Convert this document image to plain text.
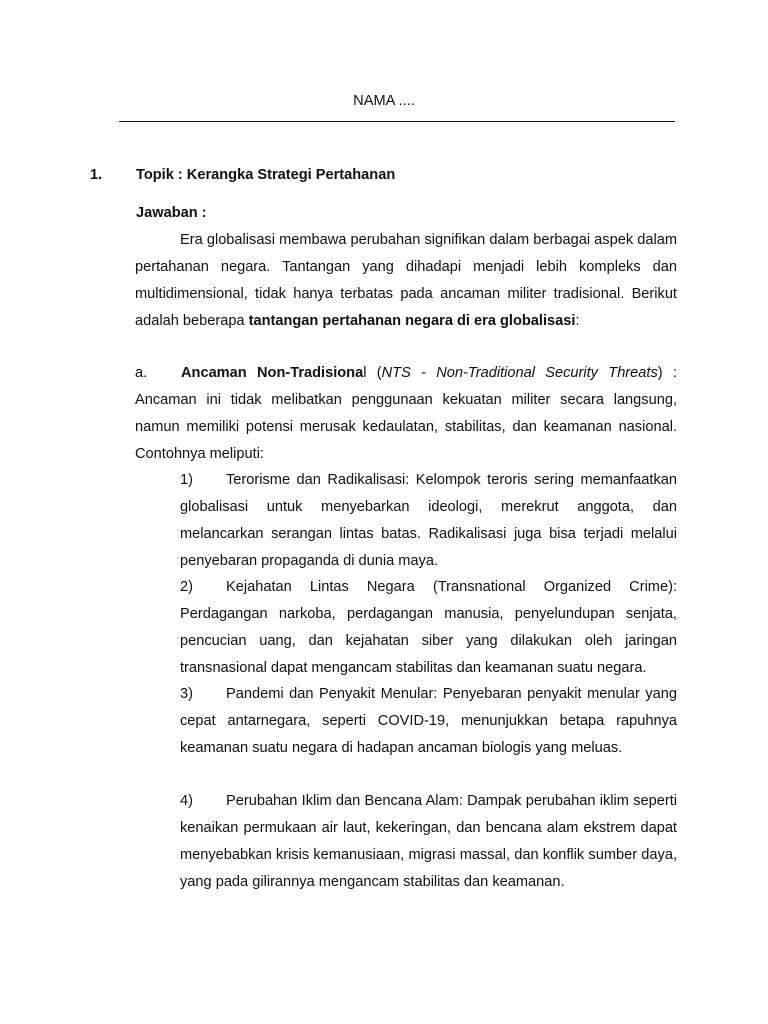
NAMA ....
1. Topik : Kerangka Strategi Pertahanan
Jawaban :
Era globalisasi membawa perubahan signifikan dalam berbagai aspek dalam pertahanan negara. Tantangan yang dihadapi menjadi lebih kompleks dan multidimensional, tidak hanya terbatas pada ancaman militer tradisional. Berikut adalah beberapa tantangan pertahanan negara di era globalisasi:
a. Ancaman Non-Tradisional (NTS - Non-Traditional Security Threats) : Ancaman ini tidak melibatkan penggunaan kekuatan militer secara langsung, namun memiliki potensi merusak kedaulatan, stabilitas, dan keamanan nasional. Contohnya meliputi:
1) Terorisme dan Radikalisasi: Kelompok teroris sering memanfaatkan globalisasi untuk menyebarkan ideologi, merekrut anggota, dan melancarkan serangan lintas batas. Radikalisasi juga bisa terjadi melalui penyebaran propaganda di dunia maya.
2) Kejahatan Lintas Negara (Transnational Organized Crime): Perdagangan narkoba, perdagangan manusia, penyelundupan senjata, pencucian uang, dan kejahatan siber yang dilakukan oleh jaringan transnasional dapat mengancam stabilitas dan keamanan suatu negara.
3) Pandemi dan Penyakit Menular: Penyebaran penyakit menular yang cepat antarnegara, seperti COVID-19, menunjukkan betapa rapuhnya keamanan suatu negara di hadapan ancaman biologis yang meluas.
4) Perubahan Iklim dan Bencana Alam: Dampak perubahan iklim seperti kenaikan permukaan air laut, kekeringan, dan bencana alam ekstrem dapat menyebabkan krisis kemanusiaan, migrasi massal, dan konflik sumber daya, yang pada gilirannya mengancam stabilitas dan keamanan.
